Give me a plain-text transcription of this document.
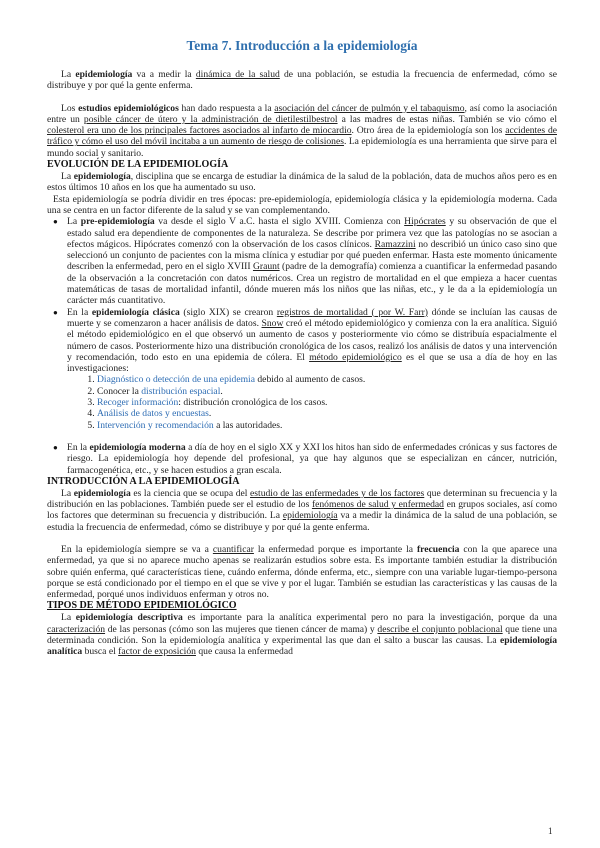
Tema 7. Introducción a la epidemiología

La epidemiología va a medir la dinámica de la salud de una población, se estudia la frecuencia de enfermedad, cómo se distribuye y por qué la gente enferma.

Los estudios epidemiológicos han dado respuesta a la asociación del cáncer de pulmón y el tabaquismo, así como la asociación entre un posible cáncer de útero y la administración de dietilestilbestrol a las madres de estas niñas. También se vio cómo el colesterol era uno de los principales factores asociados al infarto de miocardio. Otro área de la epidemiología son los accidentes de tráfico y cómo el uso del móvil incitaba a un aumento de riesgo de colisiones. La epidemiología es una herramienta que sirve para el mundo social y sanitario.

EVOLUCIÓN DE LA EPIDEMIOLOGÍA

La epidemiología, disciplina que se encarga de estudiar la dinámica de la salud de la población, data de muchos años pero es en estos últimos 10 años en los que ha aumentado su uso.

Esta epidemiología se podría dividir en tres épocas: pre-epidemiología, epidemiología clásica y la epidemiología moderna. Cada una se centra en un factor diferente de la salud y se van complementando.

● La pre-epidemiología va desde el siglo V a.C. hasta el siglo XVIII. Comienza con Hipócrates y su observación de que el estado salud era dependiente de componentes de la naturaleza. Se describe por primera vez que las patologías no se asocian a efectos mágicos. Hipócrates comenzó con la observación de los casos clínicos. Ramazzini no describió un único caso sino que seleccionó un conjunto de pacientes con la misma clínica y estudiar por qué pueden enfermar. Hasta este momento únicamente describen la enfermedad, pero en el siglo XVIII Graunt (padre de la demografía) comienza a cuantificar la enfermedad pasando de la observación a la concretación con datos numéricos. Crea un registro de mortalidad en el que empieza a hacer cuentas matemáticas de tasas de mortalidad infantil, dónde mueren más los niños que las niñas, etc., y le da a la epidemiología un carácter más cuantitativo.
● En la epidemiología clásica (siglo XIX) se crearon registros de mortalidad ( por W. Farr) dónde se incluían las causas de muerte y se comenzaron a hacer análisis de datos. Snow creó el método epidemiológico y comienza con la era analítica. Siguió el método epidemiológico en el que observó un aumento de casos y posteriormente vio cómo se distribuía espacialmente el número de casos. Posteriormente hizo una distribución cronológica de los casos, realizó los análisis de datos y una intervención y recomendación, todo esto en una epidemia de cólera. El método epidemiológico es el que se usa a día de hoy en las investigaciones:
1. Diagnóstico o detección de una epidemia debido al aumento de casos.
2. Conocer la distribución espacial.
3. Recoger información: distribución cronológica de los casos.
4. Análisis de datos y encuestas.
5. Intervención y recomendación a las autoridades.
● En la epidemiología moderna a día de hoy en el siglo XX y XXI los hitos han sido de enfermedades crónicas y sus factores de riesgo. La epidemiología hoy depende del profesional, ya que hay algunos que se especializan en cáncer, nutrición, farmacogenética, etc., y se hacen estudios a gran escala.
INTRODUCCIÓN A LA EPIDEMIOLOGÍA

La epidemiología es la ciencia que se ocupa del estudio de las enfermedades y de los factores que determinan su frecuencia y la distribución en las poblaciones. También puede ser el estudio de los fenómenos de salud y enfermedad en grupos sociales, así como los factores que determinan su frecuencia y distribución. La epidemiología va a medir la dinámica de la salud de una población, se estudia la frecuencia de enfermedad, cómo se distribuye y por qué la gente enferma.

En la epidemiología siempre se va a cuantificar la enfermedad porque es importante la frecuencia con la que aparece una enfermedad, ya que si no aparece mucho apenas se realizarán estudios sobre esta. Es importante también estudiar la distribución sobre quién enferma, qué características tiene, cuándo enferma, dónde enferma, etc., siempre con una variable lugar-tiempo-persona porque se está condicionado por el tiempo en el que se vive y por el lugar. También se estudian las características y las causas de la enfermedad, porqué unos individuos enferman y otros no.

TIPOS DE MÉTODO EPIDEMIOLÓGICO

La epidemiología descriptiva es importante para la analítica experimental pero no para la investigación, porque da una caracterización de las personas (cómo son las mujeres que tienen cáncer de mama) y describe el conjunto poblacional que tiene una determinada condición. Son la epidemiología analítica y experimental las que dan el salto a buscar las causas. La epidemiología analítica busca el factor de exposición que causa la enfermedad

1
